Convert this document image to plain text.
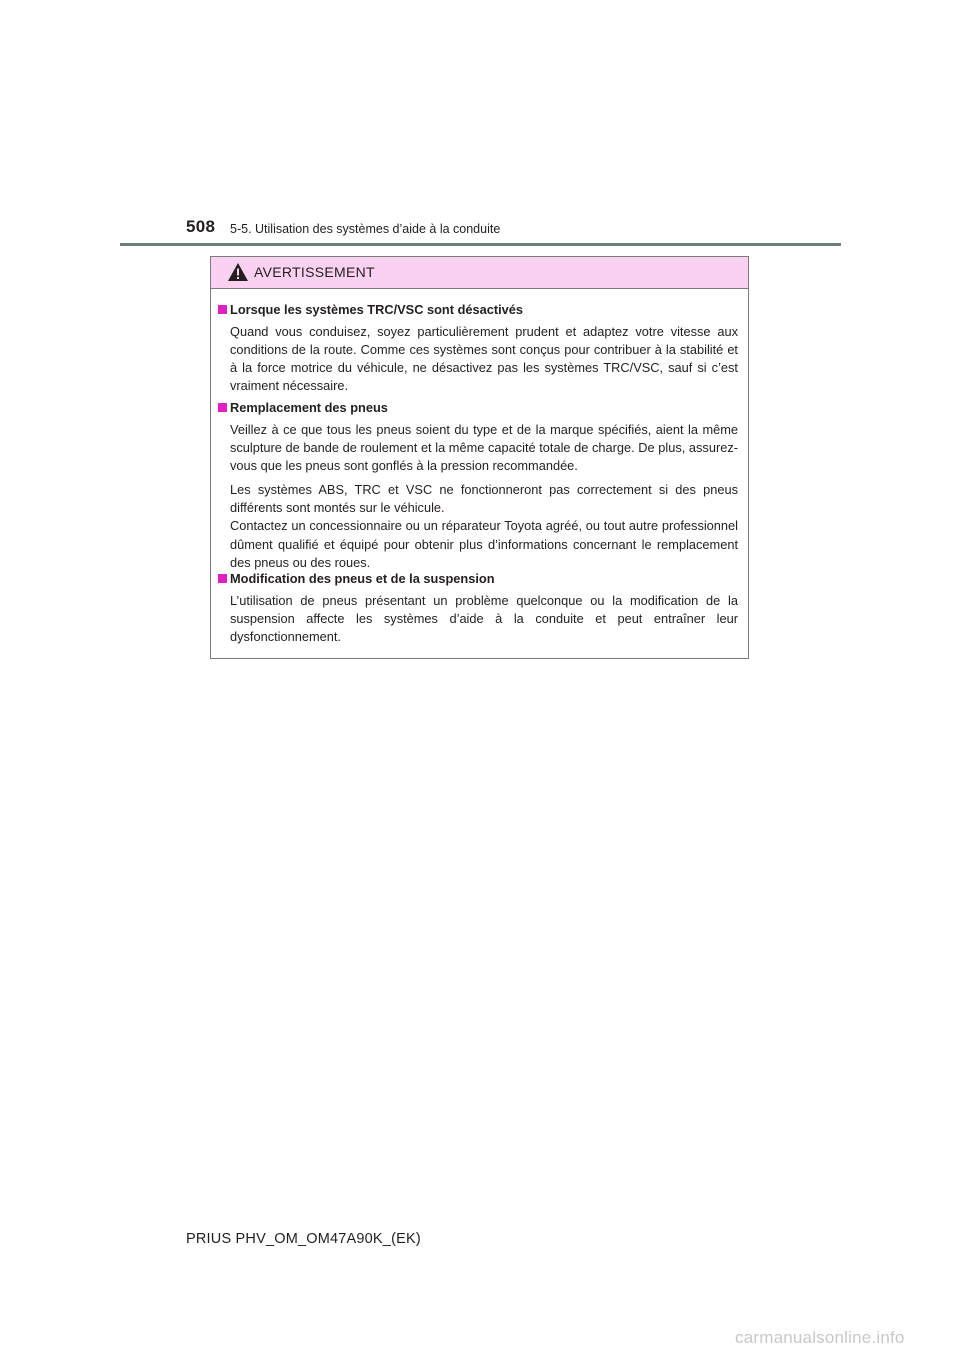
508 5-5. Utilisation des systèmes d’aide à la conduite
AVERTISSEMENT
Lorsque les systèmes TRC/VSC sont désactivés
Quand vous conduisez, soyez particulièrement prudent et adaptez votre vitesse aux conditions de la route. Comme ces systèmes sont conçus pour contribuer à la stabilité et à la force motrice du véhicule, ne désactivez pas les systèmes TRC/VSC, sauf si c’est vraiment nécessaire.
Remplacement des pneus
Veillez à ce que tous les pneus soient du type et de la marque spécifiés, aient la même sculpture de bande de roulement et la même capacité totale de charge. De plus, assurez-vous que les pneus sont gonflés à la pression recommandée.
Les systèmes ABS, TRC et VSC ne fonctionneront pas correctement si des pneus différents sont montés sur le véhicule.
Contactez un concessionnaire ou un réparateur Toyota agréé, ou tout autre professionnel dûment qualifié et équipé pour obtenir plus d’informations concernant le remplacement des pneus ou des roues.
Modification des pneus et de la suspension
L’utilisation de pneus présentant un problème quelconque ou la modification de la suspension affecte les systèmes d’aide à la conduite et peut entraîner leur dysfonctionnement.
PRIUS PHV_OM_OM47A90K_(EK)
carmanualsonline.info
